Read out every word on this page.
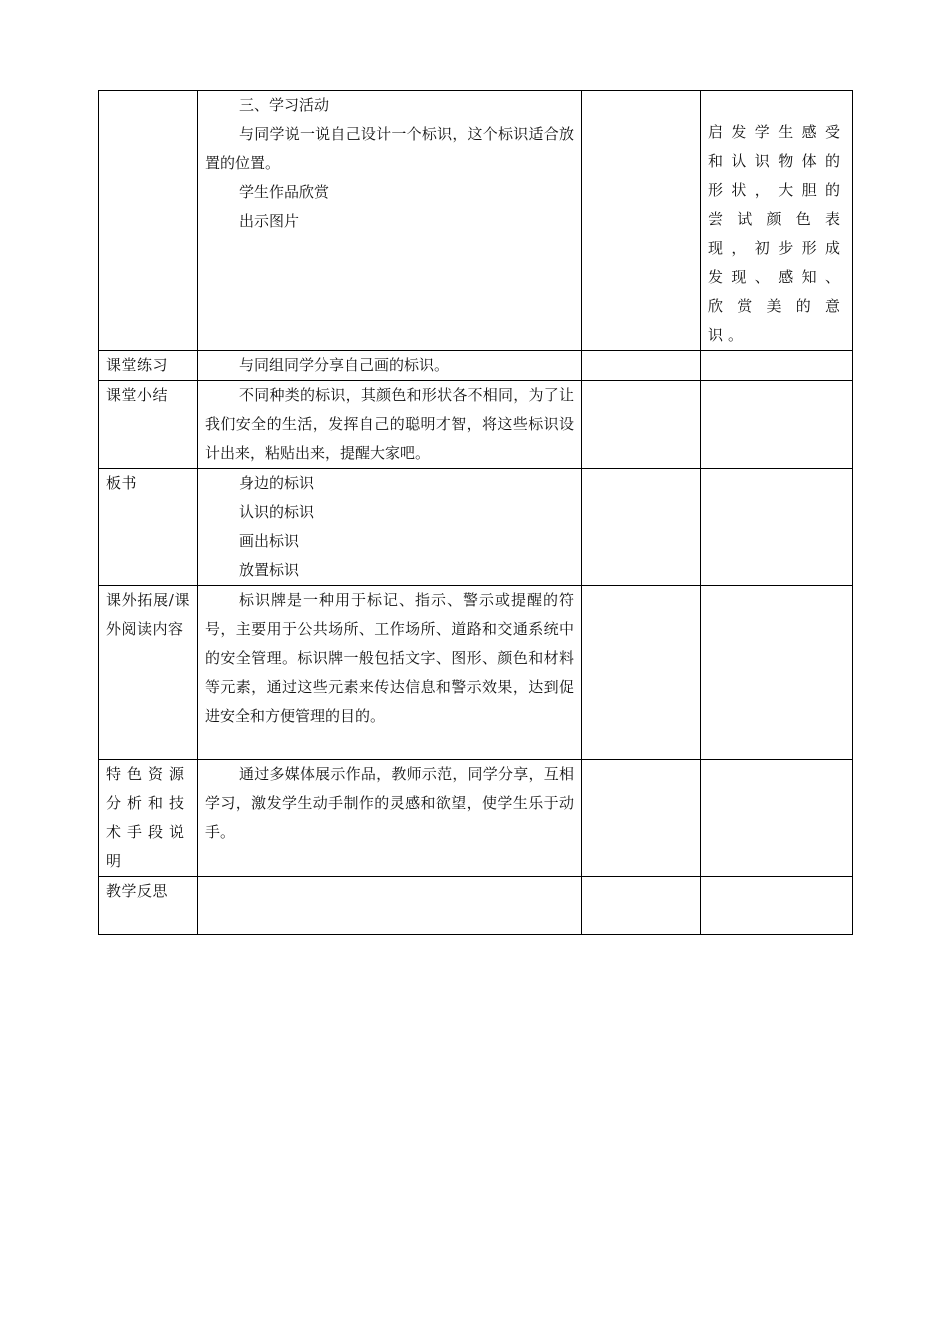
	三、学习活动
与同学说一说自己设计一个标识，这个标识适合放置的位置。
学生作品欣赏
出示图片		启发学生感受和认识物体的形状，大胆的尝试颜色表现，初步形成发现、感知、欣赏美的意识。

课堂练习	与同组同学分享自己画的标识。		

课堂小结	不同种类的标识，其颜色和形状各不相同，为了让我们安全的生活，发挥自己的聪明才智，将这些标识设计出来，粘贴出来，提醒大家吧。		

板书	身边的标识
认识的标识
画出标识
放置标识		

课外拓展/课外阅读内容	标识牌是一种用于标记、指示、警示或提醒的符号，主要用于公共场所、工作场所、道路和交通系统中的安全管理。标识牌一般包括文字、图形、颜色和材料等元素，通过这些元素来传达信息和警示效果，达到促进安全和方便管理的目的。		

特色资源分析和技术手段说明	通过多媒体展示作品，教师示范，同学分享，互相学习，激发学生动手制作的灵感和欲望，使学生乐于动手。		

教学反思			
